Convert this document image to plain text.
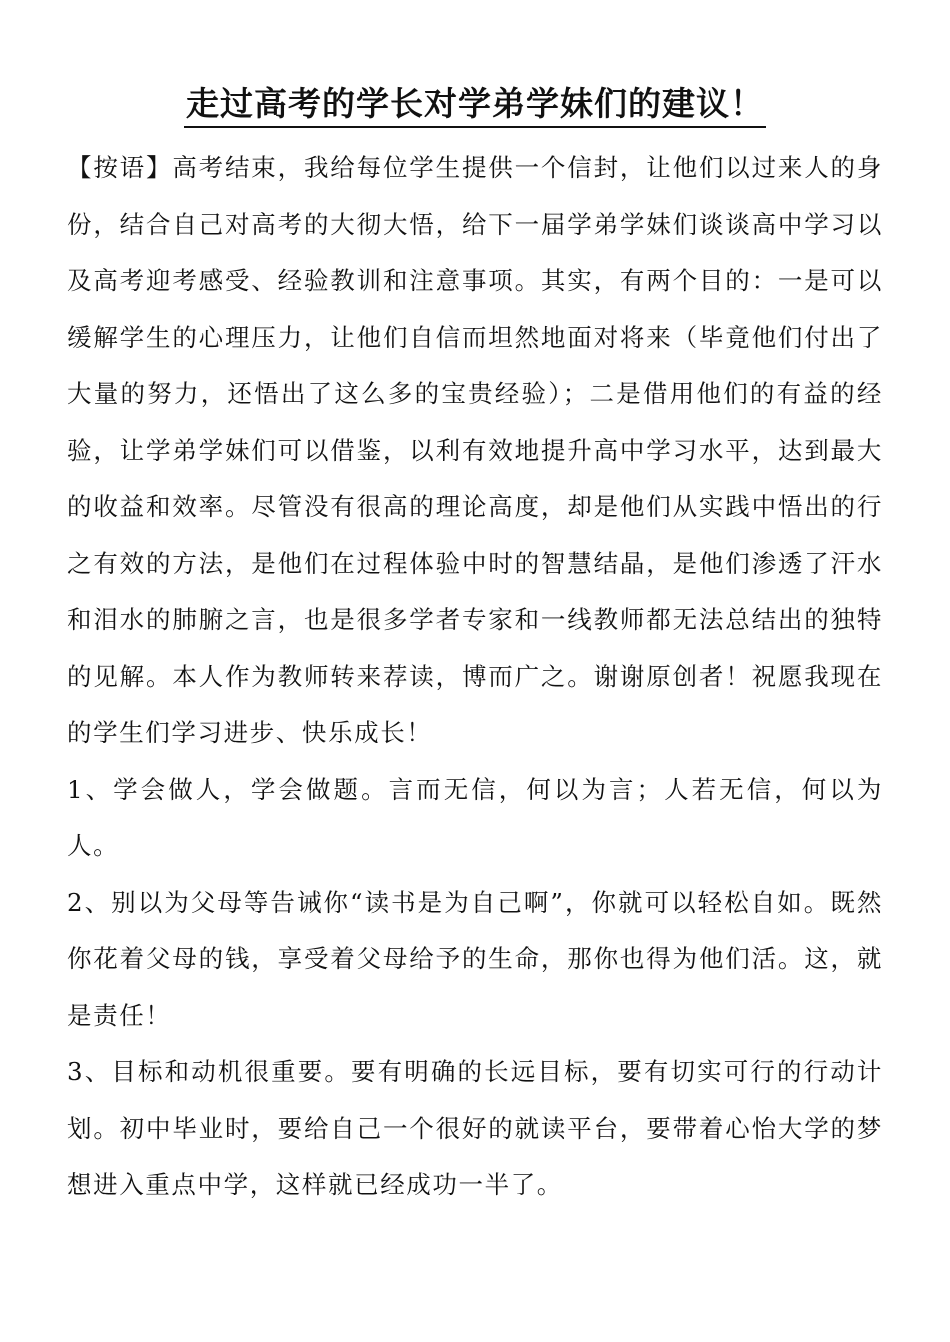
走过高考的学长对学弟学妹们的建议！

【按语】高考结束，我给每位学生提供一个信封，让他们以过来人的身份，结合自己对高考的大彻大悟，给下一届学弟学妹们谈谈高中学习以及高考迎考感受、经验教训和注意事项。其实，有两个目的：一是可以缓解学生的心理压力，让他们自信而坦然地面对将来（毕竟他们付出了大量的努力，还悟出了这么多的宝贵经验）；二是借用他们的有益的经验，让学弟学妹们可以借鉴，以利有效地提升高中学习水平，达到最大的收益和效率。尽管没有很高的理论高度，却是他们从实践中悟出的行之有效的方法，是他们在过程体验中时的智慧结晶，是他们渗透了汗水和泪水的肺腑之言，也是很多学者专家和一线教师都无法总结出的独特的见解。本人作为教师转来荐读，博而广之。谢谢原创者！祝愿我现在的学生们学习进步、快乐成长！

1、学会做人，学会做题。言而无信，何以为言；人若无信，何以为人。

2、别以为父母等告诫你“读书是为自己啊”，你就可以轻松自如。既然你花着父母的钱，享受着父母给予的生命，那你也得为他们活。这，就是责任！

3、目标和动机很重要。要有明确的长远目标，要有切实可行的行动计划。初中毕业时，要给自己一个很好的就读平台，要带着心怡大学的梦想进入重点中学，这样就已经成功一半了。
